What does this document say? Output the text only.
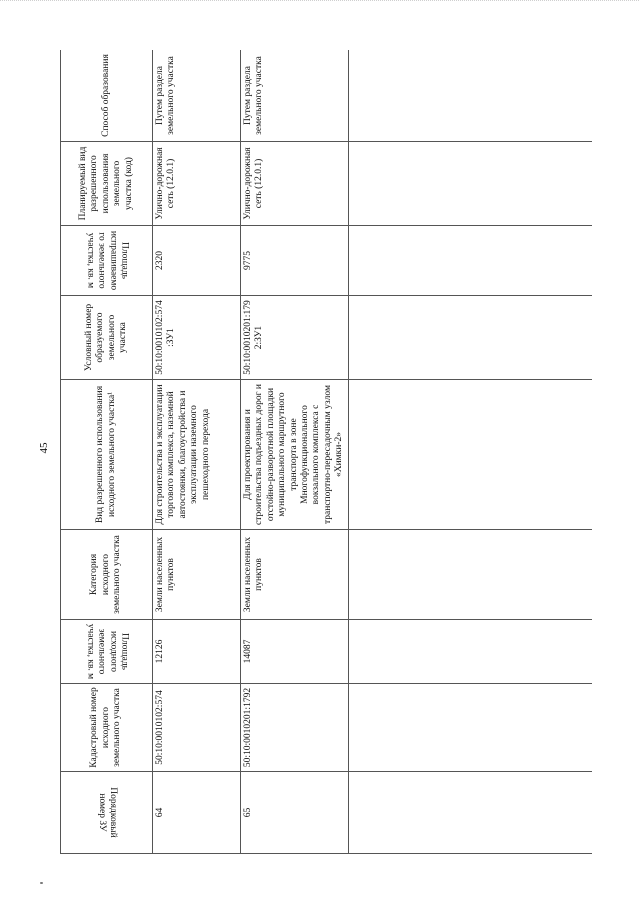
45
Порядковый номер ЗУ	Кадастровый номер исходного земельного участка	Площадь исходного земельного участка, кв. м	Категория исходного земельного участка	Вид разрешенного использования исходного земельного участка¹	Условный номер образуемого земельного участка	Площадь испрашиваемого земельного участка, кв. м	Планируемый вид разрешенного использования земельного участка (код)	Способ образования
64	50:10:0010102:574	12126	Земли населенных пунктов	Для строительства и эксплуатации торгового комплекса, наземной автостоянки, благоустройства и эксплуатации наземного пешеходного перехода	50:10:0010102:574:ЗУ1	2320	Улично-дорожная сеть (12.0.1)	Путем раздела земельного участка
65	50:10:0010201:1792	14087	Земли населенных пунктов	Для проектирования и строительства подъездных дорог и отстойно-разворотной площадки муниципального маршрутного транспорта в зоне Многофункционального вокзального комплекса с транспортно-пересадочным узлом «Химки-2»	50:10:0010201:1792:ЗУ1	9775	Улично-дорожная сеть (12.0.1)	Путем раздела земельного участка
